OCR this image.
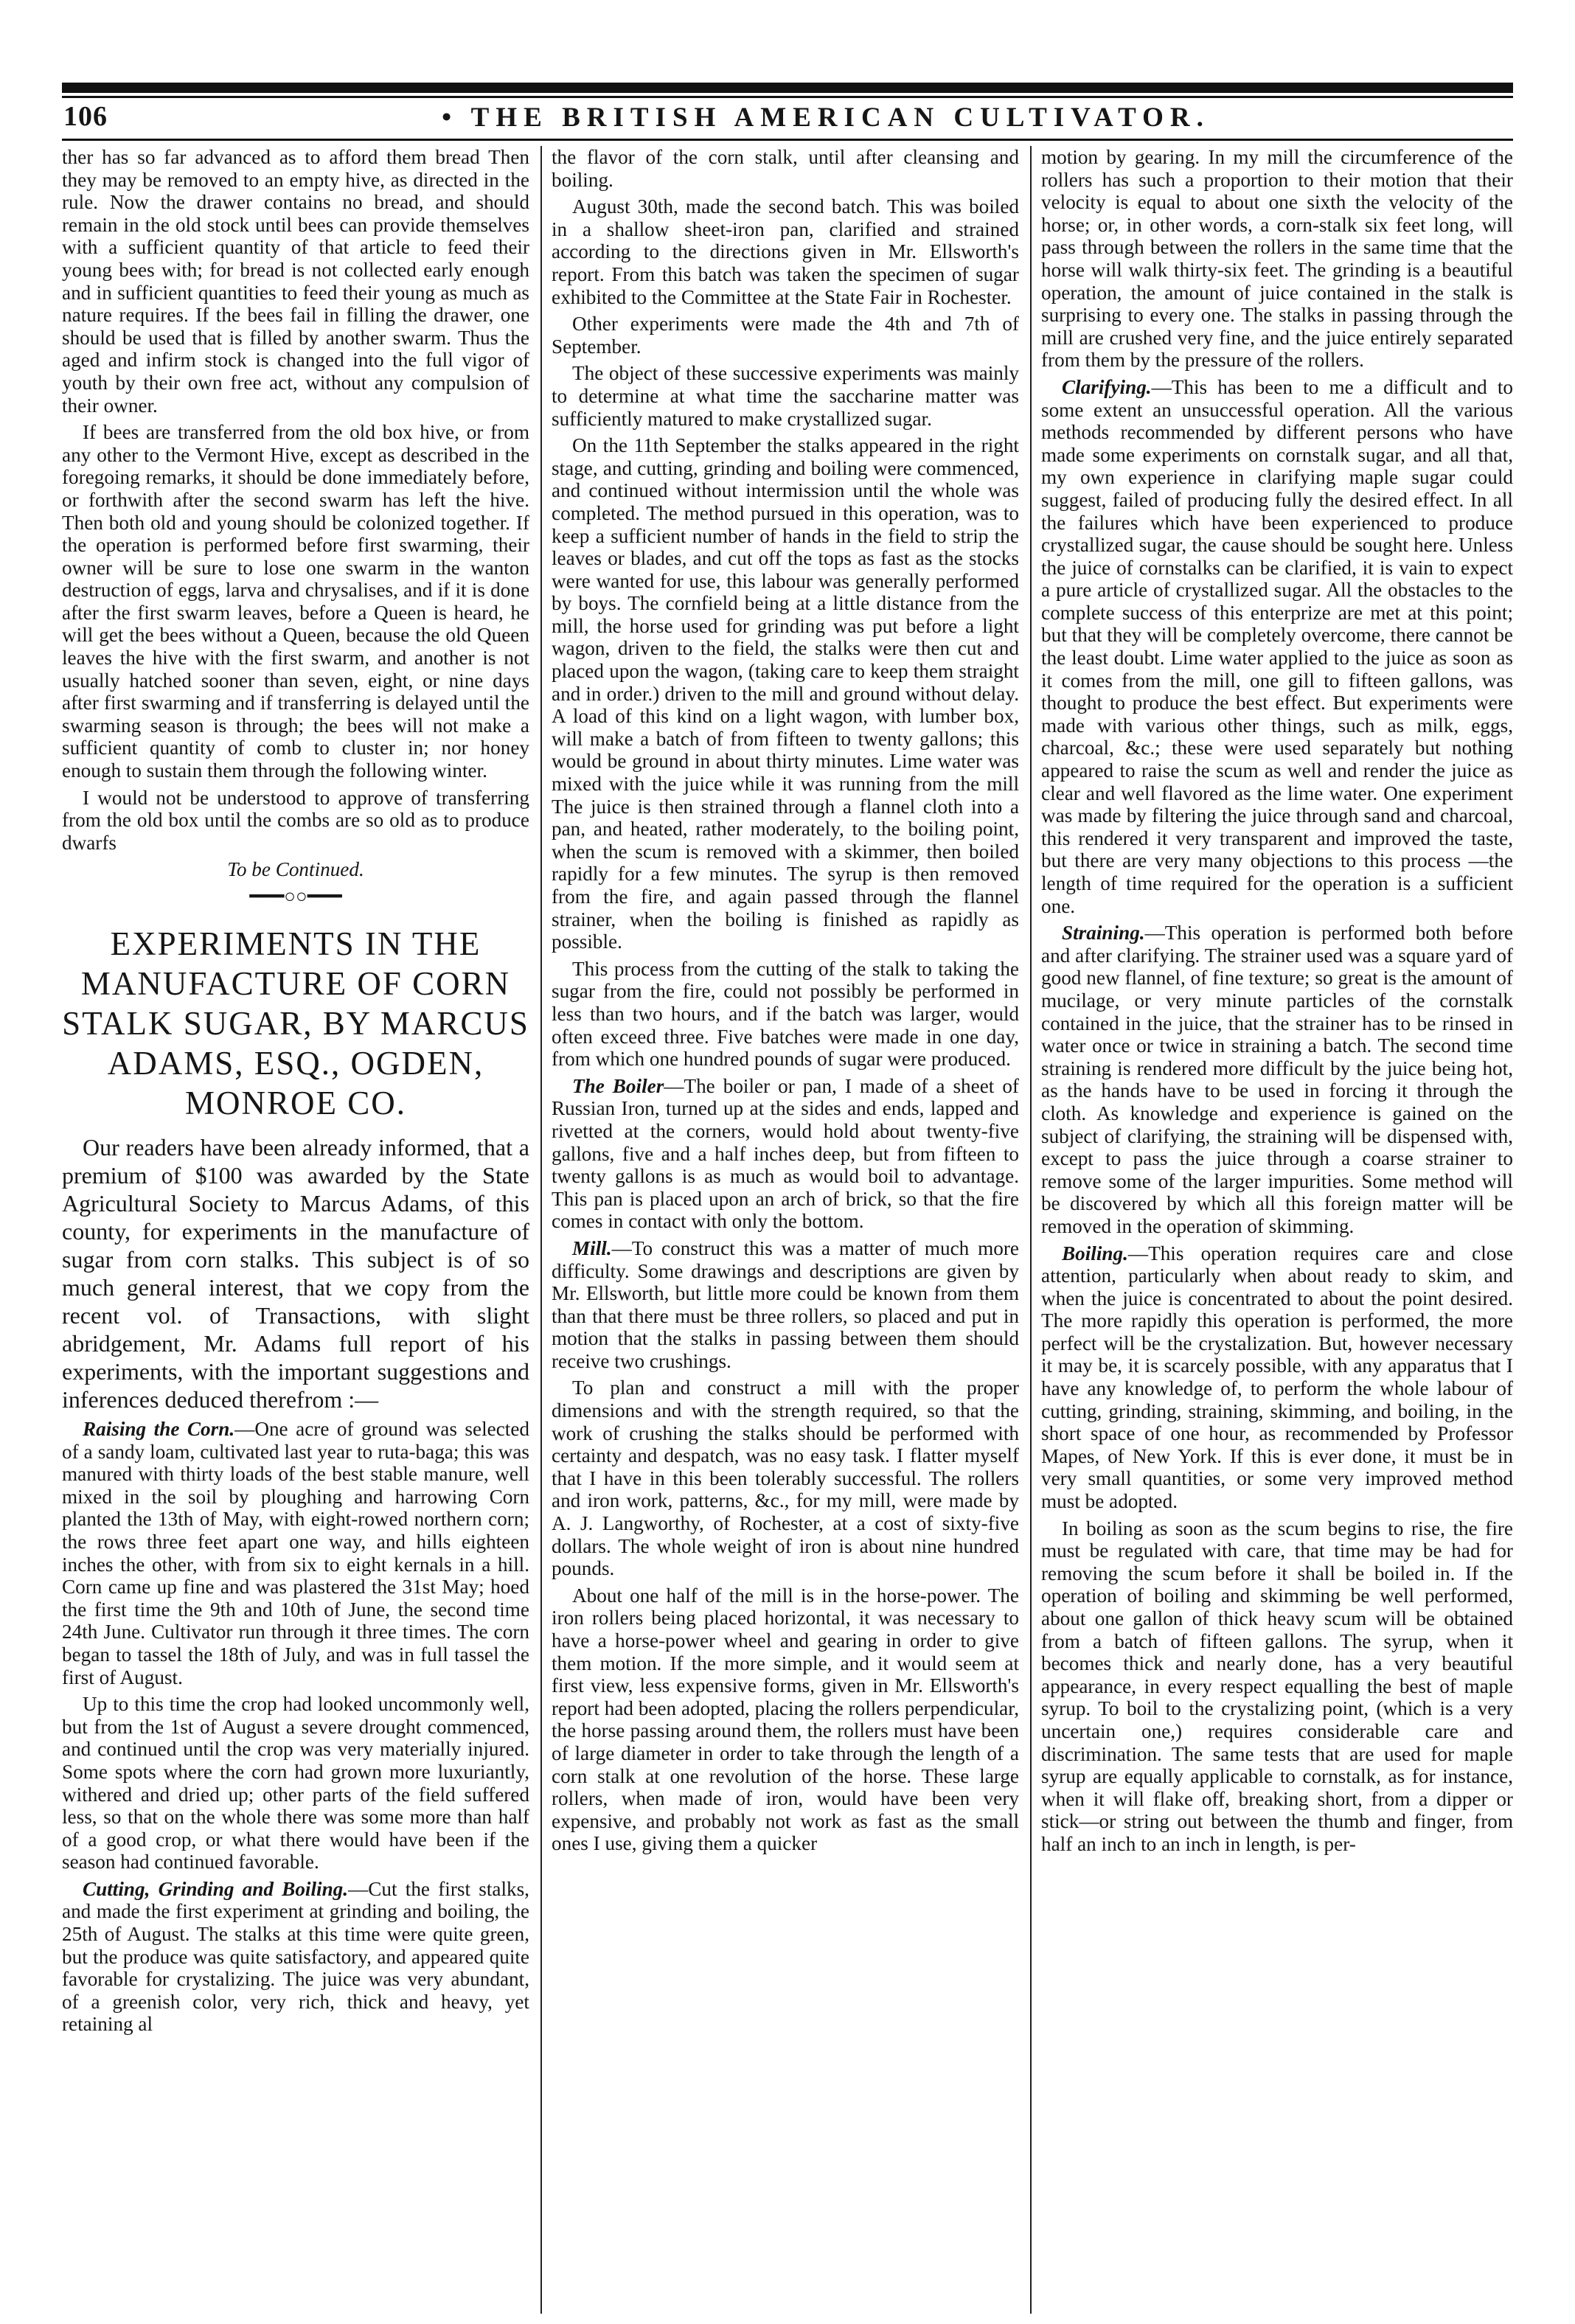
106	• THE BRITISH AMERICAN CULTIVATOR.

ther has so far advanced as to afford them bread Then they may be removed to an empty hive, as directed in the rule. Now the drawer contains no bread, and should remain in the old stock until bees can provide themselves with a sufficient quantity of that article to feed their young bees with; for bread is not collected early enough and in sufficient quantities to feed their young as much as nature requires. If the bees fail in filling the drawer, one should be used that is filled by another swarm. Thus the aged and infirm stock is changed into the full vigor of youth by their own free act, without any compulsion of their owner.

If bees are transferred from the old box hive, or from any other to the Vermont Hive, except as described in the foregoing remarks, it should be done immediately before, or forthwith after the second swarm has left the hive. Then both old and young should be colonized together. If the operation is performed before first swarming, their owner will be sure to lose one swarm in the wanton destruction of eggs, larva and chrysalises, and if it is done after the first swarm leaves, before a Queen is heard, he will get the bees without a Queen, because the old Queen leaves the hive with the first swarm, and another is not usually hatched sooner than seven, eight, or nine days after first swarming and if transferring is delayed until the swarming season is through; the bees will not make a sufficient quantity of comb to cluster in; nor honey enough to sustain them through the following winter.

I would not be understood to approve of transferring from the old box until the combs are so old as to produce dwarfs

To be Continued.

━━━○○━━━
EXPERIMENTS IN THE MANUFACTURE OF CORN STALK SUGAR, BY MARCUS ADAMS, ESQ., OGDEN, MONROE CO.

Our readers have been already informed, that a premium of $100 was awarded by the State Agricultural Society to Marcus Adams, of this county, for experiments in the manufacture of sugar from corn stalks. This subject is of so much general interest, that we copy from the recent vol. of Transactions, with slight abridgement, Mr. Adams full report of his experiments, with the important suggestions and inferences deduced therefrom :—

Raising the Corn.—One acre of ground was selected of a sandy loam, cultivated last year to ruta-baga; this was manured with thirty loads of the best stable manure, well mixed in the soil by ploughing and harrowing Corn planted the 13th of May, with eight-rowed northern corn; the rows three feet apart one way, and hills eighteen inches the other, with from six to eight kernals in a hill. Corn came up fine and was plastered the 31st May; hoed the first time the 9th and 10th of June, the second time 24th June. Cultivator run through it three times. The corn began to tassel the 18th of July, and was in full tassel the first of August.

Up to this time the crop had looked uncommonly well, but from the 1st of August a severe drought commenced, and continued until the crop was very materially injured. Some spots where the corn had grown more luxuriantly, withered and dried up; other parts of the field suffered less, so that on the whole there was some more than half of a good crop, or what there would have been if the season had continued favorable.

Cutting, Grinding and Boiling.—Cut the first stalks, and made the first experiment at grinding and boiling, the 25th of August. The stalks at this time were quite green, but the produce was quite satisfactory, and appeared quite favorable for crystalizing. The juice was very abundant, of a greenish color, very rich, thick and heavy, yet retaining al

the flavor of the corn stalk, until after cleansing and boiling.

August 30th, made the second batch. This was boiled in a shallow sheet-iron pan, clarified and strained according to the directions given in Mr. Ellsworth's report. From this batch was taken the specimen of sugar exhibited to the Committee at the State Fair in Rochester.

Other experiments were made the 4th and 7th of September.

The object of these successive experiments was mainly to determine at what time the saccharine matter was sufficiently matured to make crystallized sugar.

On the 11th September the stalks appeared in the right stage, and cutting, grinding and boiling were commenced, and continued without intermission until the whole was completed. The method pursued in this operation, was to keep a sufficient number of hands in the field to strip the leaves or blades, and cut off the tops as fast as the stocks were wanted for use, this labour was generally performed by boys. The cornfield being at a little distance from the mill, the horse used for grinding was put before a light wagon, driven to the field, the stalks were then cut and placed upon the wagon, (taking care to keep them straight and in order.) driven to the mill and ground without delay. A load of this kind on a light wagon, with lumber box, will make a batch of from fifteen to twenty gallons; this would be ground in about thirty minutes. Lime water was mixed with the juice while it was running from the mill The juice is then strained through a flannel cloth into a pan, and heated, rather moderately, to the boiling point, when the scum is removed with a skimmer, then boiled rapidly for a few minutes. The syrup is then removed from the fire, and again passed through the flannel strainer, when the boiling is finished as rapidly as possible.

This process from the cutting of the stalk to taking the sugar from the fire, could not possibly be performed in less than two hours, and if the batch was larger, would often exceed three. Five batches were made in one day, from which one hundred pounds of sugar were produced.

The Boiler—The boiler or pan, I made of a sheet of Russian Iron, turned up at the sides and ends, lapped and rivetted at the corners, would hold about twenty-five gallons, five and a half inches deep, but from fifteen to twenty gallons is as much as would boil to advantage. This pan is placed upon an arch of brick, so that the fire comes in contact with only the bottom.

Mill.—To construct this was a matter of much more difficulty. Some drawings and descriptions are given by Mr. Ellsworth, but little more could be known from them than that there must be three rollers, so placed and put in motion that the stalks in passing between them should receive two crushings.

To plan and construct a mill with the proper dimensions and with the strength required, so that the work of crushing the stalks should be performed with certainty and despatch, was no easy task. I flatter myself that I have in this been tolerably successful. The rollers and iron work, patterns, &c., for my mill, were made by A. J. Langworthy, of Rochester, at a cost of sixty-five dollars. The whole weight of iron is about nine hundred pounds.

About one half of the mill is in the horse-power. The iron rollers being placed horizontal, it was necessary to have a horse-power wheel and gearing in order to give them motion. If the more simple, and it would seem at first view, less expensive forms, given in Mr. Ellsworth's report had been adopted, placing the rollers perpendicular, the horse passing around them, the rollers must have been of large diameter in order to take through the length of a corn stalk at one revolution of the horse. These large rollers, when made of iron, would have been very expensive, and probably not work as fast as the small ones I use, giving them a quicker

motion by gearing. In my mill the circumference of the rollers has such a proportion to their motion that their velocity is equal to about one sixth the velocity of the horse; or, in other words, a corn-stalk six feet long, will pass through between the rollers in the same time that the horse will walk thirty-six feet. The grinding is a beautiful operation, the amount of juice contained in the stalk is surprising to every one. The stalks in passing through the mill are crushed very fine, and the juice entirely separated from them by the pressure of the rollers.

Clarifying.—This has been to me a difficult and to some extent an unsuccessful operation. All the various methods recommended by different persons who have made some experiments on cornstalk sugar, and all that, my own experience in clarifying maple sugar could suggest, failed of producing fully the desired effect. In all the failures which have been experienced to produce crystallized sugar, the cause should be sought here. Unless the juice of cornstalks can be clarified, it is vain to expect a pure article of crystallized sugar. All the obstacles to the complete success of this enterprize are met at this point; but that they will be completely overcome, there cannot be the least doubt. Lime water applied to the juice as soon as it comes from the mill, one gill to fifteen gallons, was thought to produce the best effect. But experiments were made with various other things, such as milk, eggs, charcoal, &c.; these were used separately but nothing appeared to raise the scum as well and render the juice as clear and well flavored as the lime water. One experiment was made by filtering the juice through sand and charcoal, this rendered it very transparent and improved the taste, but there are very many objections to this process —the length of time required for the operation is a sufficient one.

Straining.—This operation is performed both before and after clarifying. The strainer used was a square yard of good new flannel, of fine texture; so great is the amount of mucilage, or very minute particles of the cornstalk contained in the juice, that the strainer has to be rinsed in water once or twice in straining a batch. The second time straining is rendered more difficult by the juice being hot, as the hands have to be used in forcing it through the cloth. As knowledge and experience is gained on the subject of clarifying, the straining will be dispensed with, except to pass the juice through a coarse strainer to remove some of the larger impurities. Some method will be discovered by which all this foreign matter will be removed in the operation of skimming.

Boiling.—This operation requires care and close attention, particularly when about ready to skim, and when the juice is concentrated to about the point desired. The more rapidly this operation is performed, the more perfect will be the crystalization. But, however necessary it may be, it is scarcely possible, with any apparatus that I have any knowledge of, to perform the whole labour of cutting, grinding, straining, skimming, and boiling, in the short space of one hour, as recommended by Professor Mapes, of New York. If this is ever done, it must be in very small quantities, or some very improved method must be adopted.

In boiling as soon as the scum begins to rise, the fire must be regulated with care, that time may be had for removing the scum before it shall be boiled in. If the operation of boiling and skimming be well performed, about one gallon of thick heavy scum will be obtained from a batch of fifteen gallons. The syrup, when it becomes thick and nearly done, has a very beautiful appearance, in every respect equalling the best of maple syrup. To boil to the crystalizing point, (which is a very uncertain one,) requires considerable care and discrimination. The same tests that are used for maple syrup are equally applicable to cornstalk, as for instance, when it will flake off, breaking short, from a dipper or stick—or string out between the thumb and finger, from half an inch to an inch in length, is per-
